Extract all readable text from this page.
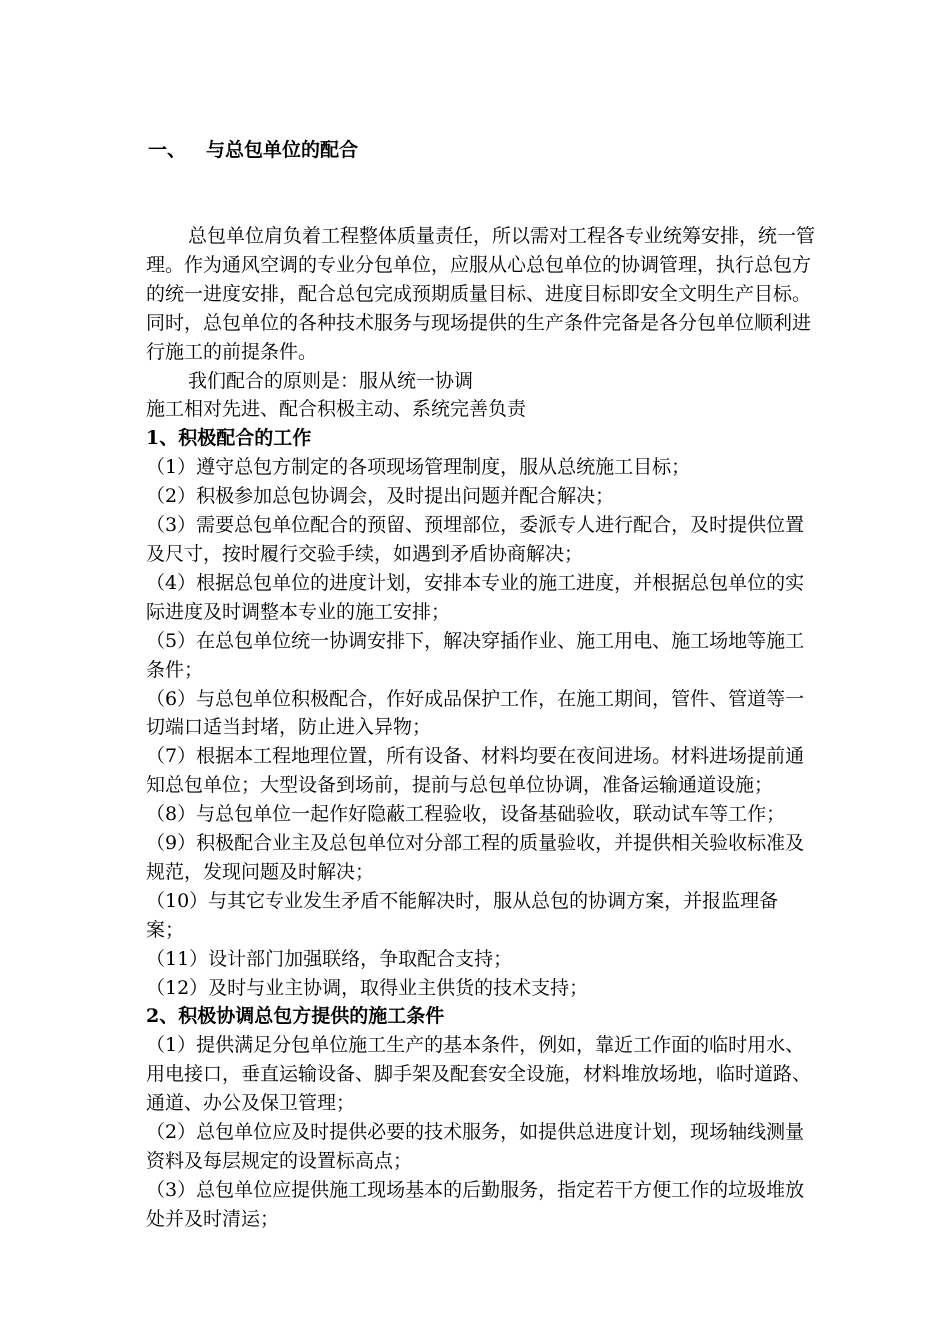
一、 与总包单位的配合

总包单位肩负着工程整体质量责任，所以需对工程各专业统筹安排，统一管理。作为通风空调的专业分包单位，应服从心总包单位的协调管理，执行总包方的统一进度安排，配合总包完成预期质量目标、进度目标即安全文明生产目标。同时，总包单位的各种技术服务与现场提供的生产条件完备是各分包单位顺利进行施工的前提条件。

我们配合的原则是：服从统一协调

施工相对先进、配合积极主动、系统完善负责

1、积极配合的工作

（1）遵守总包方制定的各项现场管理制度，服从总统施工目标；

（2）积极参加总包协调会，及时提出问题并配合解决；

（3）需要总包单位配合的预留、预埋部位，委派专人进行配合，及时提供位置及尺寸，按时履行交验手续，如遇到矛盾协商解决；

（4）根据总包单位的进度计划，安排本专业的施工进度，并根据总包单位的实际进度及时调整本专业的施工安排；

（5）在总包单位统一协调安排下，解决穿插作业、施工用电、施工场地等施工条件；

（6）与总包单位积极配合，作好成品保护工作，在施工期间，管件、管道等一切端口适当封堵，防止进入异物；

（7）根据本工程地理位置，所有设备、材料均要在夜间进场。材料进场提前通知总包单位；大型设备到场前，提前与总包单位协调，准备运输通道设施；

（8）与总包单位一起作好隐蔽工程验收，设备基础验收，联动试车等工作；

（9）积极配合业主及总包单位对分部工程的质量验收，并提供相关验收标准及规范，发现问题及时解决；

（10）与其它专业发生矛盾不能解决时，服从总包的协调方案，并报监理备案；

（11）设计部门加强联络，争取配合支持；

（12）及时与业主协调，取得业主供货的技术支持；

2、积极协调总包方提供的施工条件

（1）提供满足分包单位施工生产的基本条件，例如，靠近工作面的临时用水、用电接口，垂直运输设备、脚手架及配套安全设施，材料堆放场地，临时道路、通道、办公及保卫管理；

（2）总包单位应及时提供必要的技术服务，如提供总进度计划，现场轴线测量资料及每层规定的设置标高点；

（3）总包单位应提供施工现场基本的后勤服务，指定若干方便工作的垃圾堆放处并及时清运；
